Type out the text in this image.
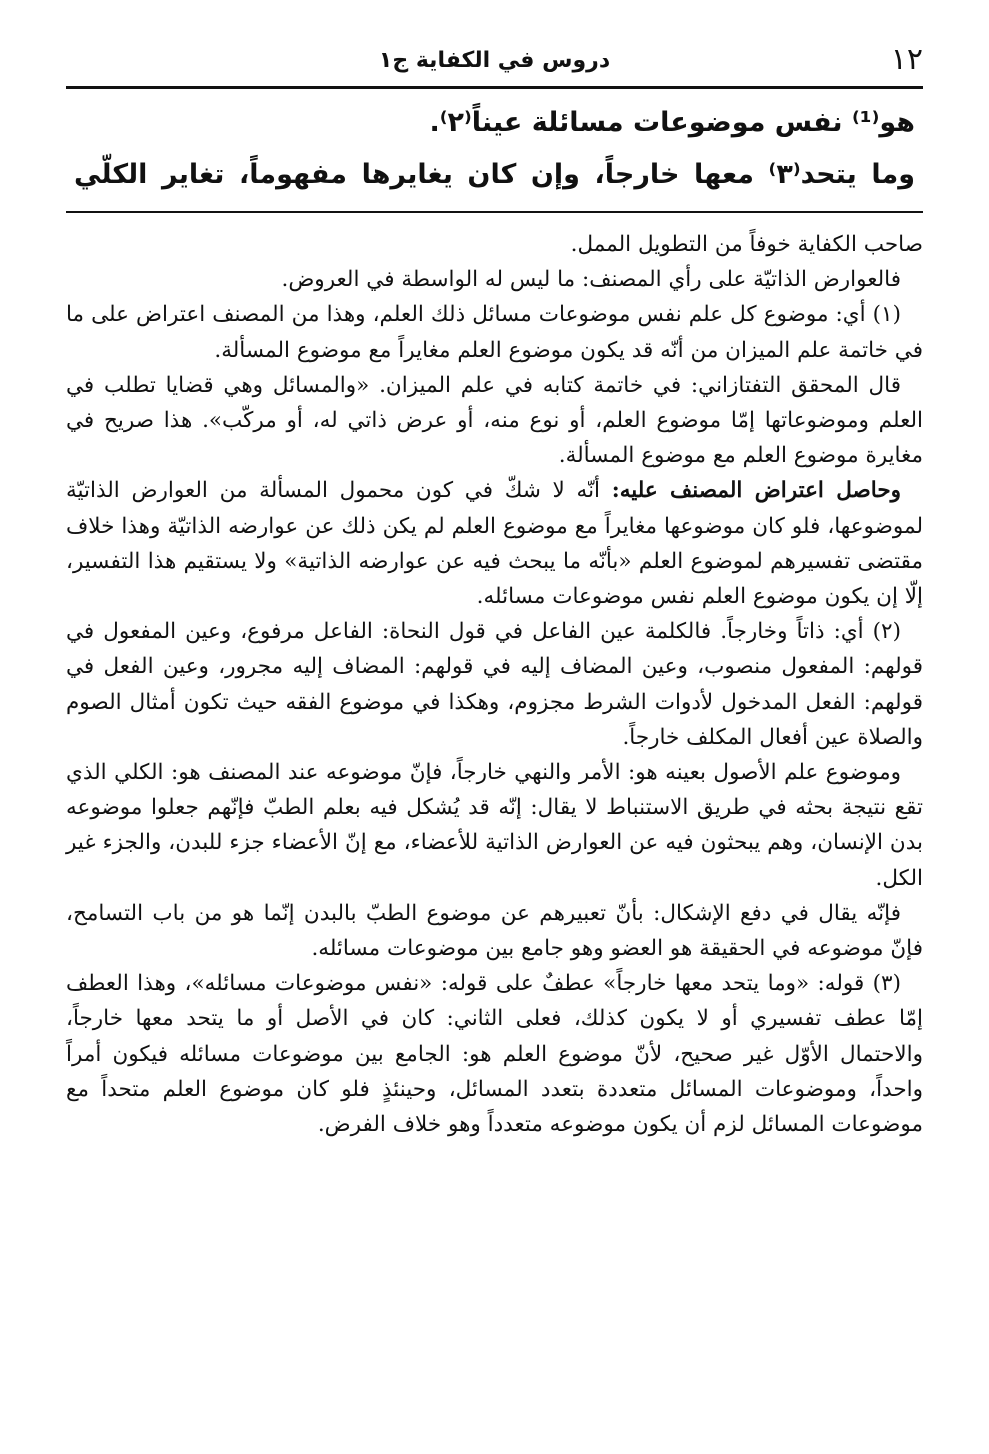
١٢
دروس في الكفاية ج١
هو⁽¹⁾ نفس موضوعات مسائلة عيناً⁽٢⁾.
وما يتحد⁽٣⁾ معها خارجاً، وإن كان يغايرها مفهوماً، تغاير الكلّي

صاحب الكفاية خوفاً من التطويل الممل.

فالعوارض الذاتيّة على رأي المصنف: ما ليس له الواسطة في العروض.

(١) أي: موضوع كل علم نفس موضوعات مسائل ذلك العلم، وهذا من المصنف اعتراض على ما في خاتمة علم الميزان من أنّه قد يكون موضوع العلم مغايراً مع موضوع المسألة.

قال المحقق التفتازاني: في خاتمة كتابه في علم الميزان. «والمسائل وهي قضايا تطلب في العلم وموضوعاتها إمّا موضوع العلم، أو نوع منه، أو عرض ذاتي له، أو مركّب». هذا صريح في مغايرة موضوع العلم مع موضوع المسألة.

وحاصل اعتراض المصنف عليه: أنّه لا شكّ في كون محمول المسألة من العوارض الذاتيّة لموضوعها، فلو كان موضوعها مغايراً مع موضوع العلم لم يكن ذلك عن عوارضه الذاتيّة وهذا خلاف مقتضى تفسيرهم لموضوع العلم «بأنّه ما يبحث فيه عن عوارضه الذاتية» ولا يستقيم هذا التفسير، إلّا إن يكون موضوع العلم نفس موضوعات مسائله.

(٢) أي: ذاتاً وخارجاً. فالكلمة عين الفاعل في قول النحاة: الفاعل مرفوع، وعين المفعول في قولهم: المفعول منصوب، وعين المضاف إليه في قولهم: المضاف إليه مجرور، وعين الفعل في قولهم: الفعل المدخول لأدوات الشرط مجزوم، وهكذا في موضوع الفقه حيث تكون أمثال الصوم والصلاة عين أفعال المكلف خارجاً.

وموضوع علم الأصول بعينه هو: الأمر والنهي خارجاً، فإنّ موضوعه عند المصنف هو: الكلي الذي تقع نتيجة بحثه في طريق الاستنباط لا يقال: إنّه قد يُشكل فيه بعلم الطبّ فإنّهم جعلوا موضوعه بدن الإنسان، وهم يبحثون فيه عن العوارض الذاتية للأعضاء، مع إنّ الأعضاء جزء للبدن، والجزء غير الكل.

فإنّه يقال في دفع الإشكال: بأنّ تعبيرهم عن موضوع الطبّ بالبدن إنّما هو من باب التسامح، فإنّ موضوعه في الحقيقة هو العضو وهو جامع بين موضوعات مسائله.

(٣) قوله: «وما يتحد معها خارجاً» عطفٌ على قوله: «نفس موضوعات مسائله»، وهذا العطف إمّا عطف تفسيري أو لا يكون كذلك، فعلى الثاني: كان في الأصل أو ما يتحد معها خارجاً، والاحتمال الأوّل غير صحيح، لأنّ موضوع العلم هو: الجامع بين موضوعات مسائله فيكون أمراً واحداً، وموضوعات المسائل متعددة بتعدد المسائل، وحينئذٍ فلو كان موضوع العلم متحداً مع موضوعات المسائل لزم أن يكون موضوعه متعدداً وهو خلاف الفرض.
